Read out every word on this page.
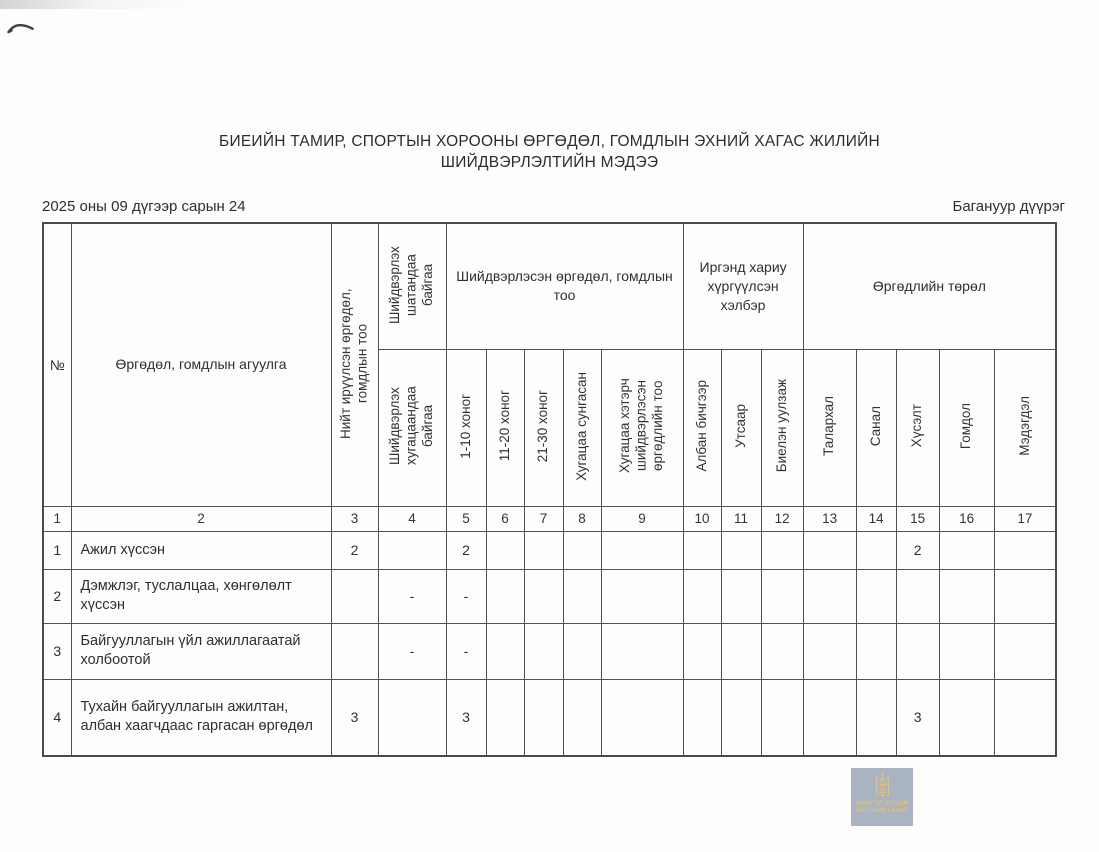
БИЕИЙН ТАМИР, СПОРТЫН ХОРООНЫ ӨРГӨДӨЛ, ГОМДЛЫН ЭХНИЙ ХАГАС ЖИЛИЙН
ШИЙДВЭРЛЭЛТИЙН МЭДЭЭ
2025 оны 09 дүгээр сарын 24	Багануур дүүрэг
№	Өргөдөл, гомдлын агуулга	Нийт ирүүлсэн өргөдөл, гомдлын тоо	Шийдвэрлэх шатандаа байгаа	Шийдвэрлэсэн өргөдөл, гомдлын тоо					Иргэнд хариу хүргүүлсэн хэлбэр			Өргөдлийн төрөл				
			Шийдвэрлэх хугацаандаа байгаа	1-10 хоног	11-20 хоног	21-30 хоног	Хугацаа сунгасан	Хугацаа хэтэрч шийдвэрлэсэн өргөдлийн тоо	Албан бичгээр	Утсаар	Биелэн уулзаж	Талархал	Санал	Хүсэлт	Гомдол	Мэдэгдэл
1	2	3	4	5	6	7	8	9	10	11	12	13	14	15	16	17
1	Ажил хүссэн	2		2										2		
2	Дэмжлэг, туслалцаа, хөнгөлөлт хүссэн		-	-												
3	Байгууллагын үйл ажиллагаатай холбоотой		-	-												
4	Тухайн байгууллагын ажилтан, албан хаагчдаас гаргасан өргөдөл	3		3										3		
МОНГОЛ УЛСЫН
ЗАСГИЙН ГАЗАР
